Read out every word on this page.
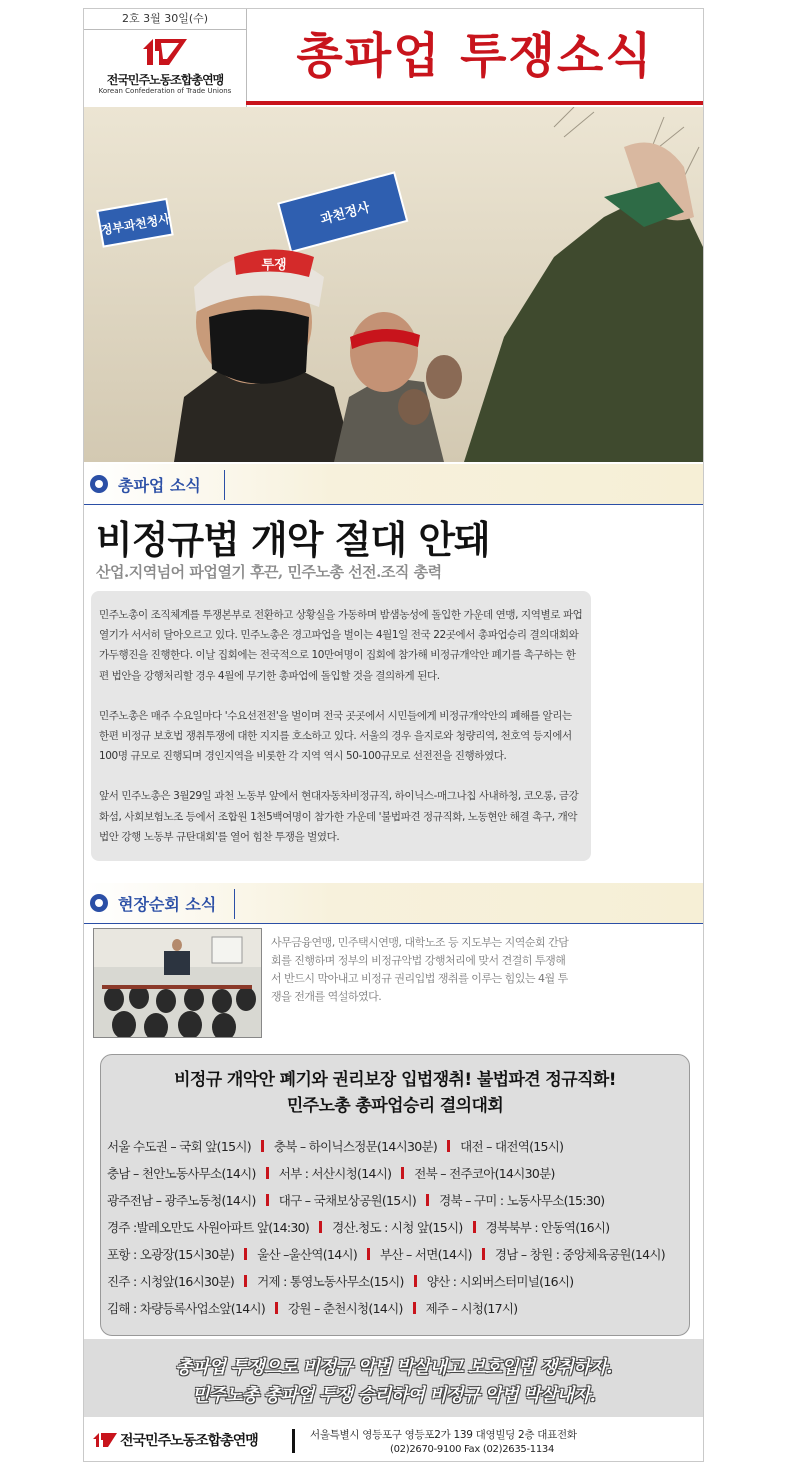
2호 3월 30일(수)
전국민주노동조합총연맹
Korean Confederation of Trade Unions
총파업 투쟁소식
정부과천청사	과천정사
투쟁
총파업 소식
비정규법 개악 절대 안돼
산업.지역넘어 파업열기 후끈, 민주노총 선전.조직 총력

민주노총이 조직체계를 투쟁본부로 전환하고 상황실을 가동하며 밤샘농성에 돌입한 가운데 연맹, 지역별로 파업열기가 서서히 달아오르고 있다. 민주노총은 경고파업을 벌이는 4월1일 전국 22곳에서 총파업승리 결의대회와 가두행진을 진행한다. 이날 집회에는 전국적으로 10만여명이 집회에 참가해 비정규개악안 폐기를 촉구하는 한편 법안을 강행처리할 경우 4월에 무기한 총파업에 돌입할 것을 결의하게 된다.

민주노총은 매주 수요일마다 '수요선전전'을 벌이며 전국 곳곳에서 시민들에게 비정규개악안의 폐해를 알리는 한편 비정규 보호법 쟁취투쟁에 대한 지지를 호소하고 있다. 서울의 경우 을지로와 청량리역, 천호역 등지에서 100명 규모로 진행되며 경인지역을 비롯한 각 지역 역시 50-100규모로 선전전을 진행하였다.

앞서 민주노총은 3월29일 과천 노동부 앞에서 현대자동차비정규직, 하이닉스-매그나칩 사내하청, 코오롱, 금강화섬, 사회보험노조 등에서 조합원 1천5백여명이 참가한 가운데 '불법파견 정규직화, 노동현안 해결 촉구, 개악법안 강행 노동부 규탄대회'를 열어 힘찬 투쟁을 벌였다.

현장순회 소식
사무금융연맹, 민주택시연맹, 대학노조 등 지도부는 지역순회 간담회를 진행하며 정부의 비정규악법 강행처리에 맞서 견결히 투쟁해서 반드시 막아내고 비정규 권리입법 쟁취를 이루는 힘있는 4월 투쟁을 전개를 역설하였다.
비정규 개악안 폐기와 권리보장 입법쟁취! 불법파견 정규직화!
민주노총 총파업승리 결의대회
서울 수도권 – 국회 앞(15시) 충북 – 하이닉스정문(14시30분) 대전 – 대전역(15시)
충남 – 천안노동사무소(14시) 서부 : 서산시청(14시) 전북 – 전주코아(14시30분)
광주전남 – 광주노동청(14시) 대구 – 국채보상공원(15시) 경북 – 구미 : 노동사무소(15:30)
경주 :발레오만도 사원아파트 앞(14:30) 경산.청도 : 시청 앞(15시) 경북북부 : 안동역(16시)
포항 : 오광장(15시30분) 울산 –울산역(14시) 부산 – 서면(14시) 경남 – 창원 : 중앙체육공원(14시)
진주 : 시청앞(16시30분) 거제 : 통영노동사무소(15시) 양산 : 시외버스터미널(16시)
김해 : 차량등록사업소앞(14시) 강원 – 춘천시청(14시) 제주 – 시청(17시)
총파업 투쟁으로 비정규 악법 박살내고 보호입법 쟁취하자.
민주노총 총파업 투쟁 승리하여 비정규 악법 박살내자.
전국민주노동조합총연맹	서울특별시 영등포구 영등포2가 139 대영빌딩 2층 대표전화
(02)2670-9100 Fax (02)2635-1134
